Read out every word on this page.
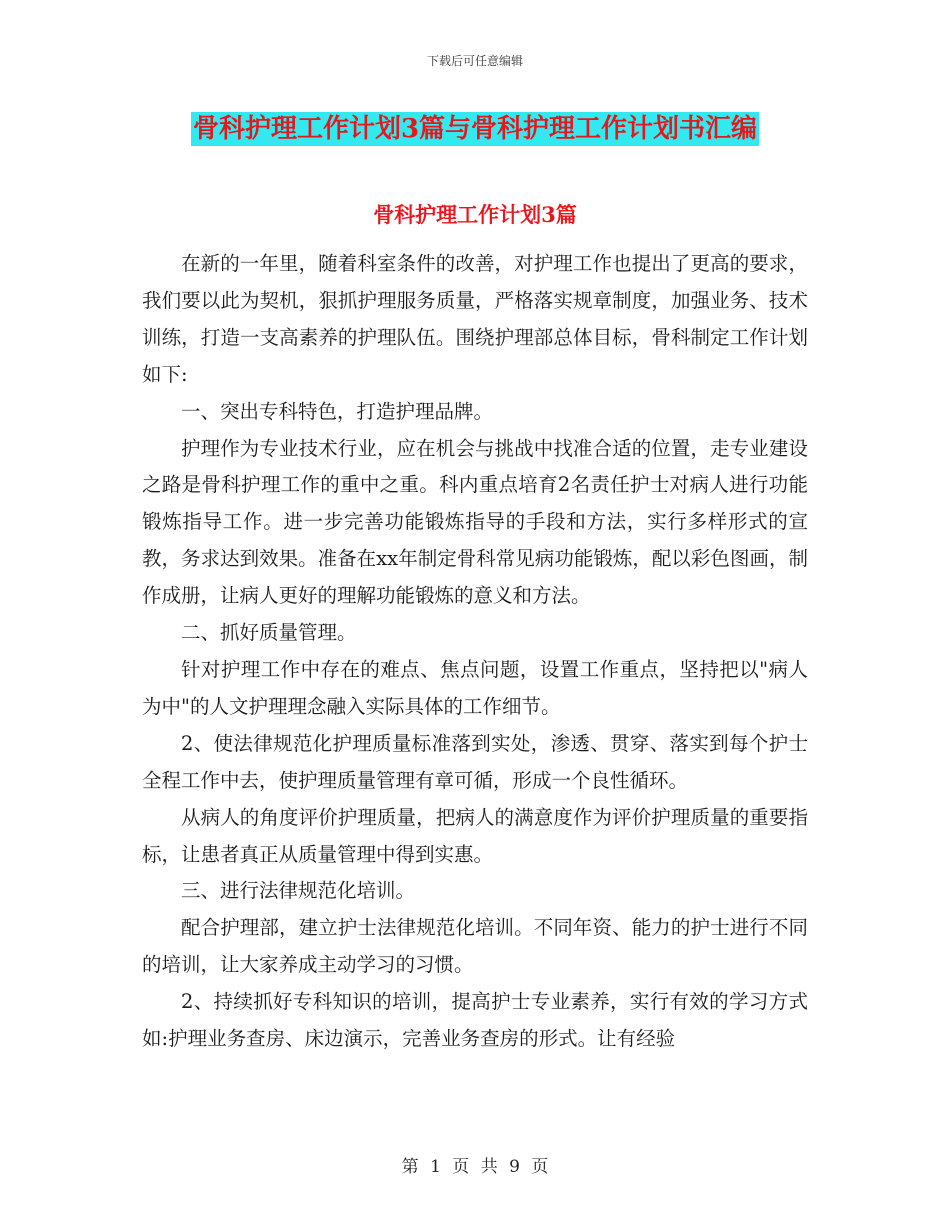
下载后可任意编辑
骨科护理工作计划3篇与骨科护理工作计划书汇编
骨科护理工作计划3篇

在新的一年里，随着科室条件的改善，对护理工作也提出了更高的要求，我们要以此为契机，狠抓护理服务质量，严格落实规章制度，加强业务、技术训练，打造一支高素养的护理队伍。围绕护理部总体目标，骨科制定工作计划如下:

一、突出专科特色，打造护理品牌。

护理作为专业技术行业，应在机会与挑战中找准合适的位置，走专业建设之路是骨科护理工作的重中之重。科内重点培育2名责任护士对病人进行功能锻炼指导工作。进一步完善功能锻炼指导的手段和方法，实行多样形式的宣教，务求达到效果。准备在xx年制定骨科常见病功能锻炼，配以彩色图画，制作成册，让病人更好的理解功能锻炼的意义和方法。

二、抓好质量管理。

针对护理工作中存在的难点、焦点问题，设置工作重点，坚持把以"病人为中"的人文护理理念融入实际具体的工作细节。

2、使法律规范化护理质量标准落到实处，渗透、贯穿、落实到每个护士全程工作中去，使护理质量管理有章可循，形成一个良性循环。

从病人的角度评价护理质量，把病人的满意度作为评价护理质量的重要指标，让患者真正从质量管理中得到实惠。

三、进行法律规范化培训。

配合护理部，建立护士法律规范化培训。不同年资、能力的护士进行不同的培训，让大家养成主动学习的习惯。

2、持续抓好专科知识的培训，提高护士专业素养，实行有效的学习方式如:护理业务查房、床边演示，完善业务查房的形式。让有经验

第 1 页 共 9 页
